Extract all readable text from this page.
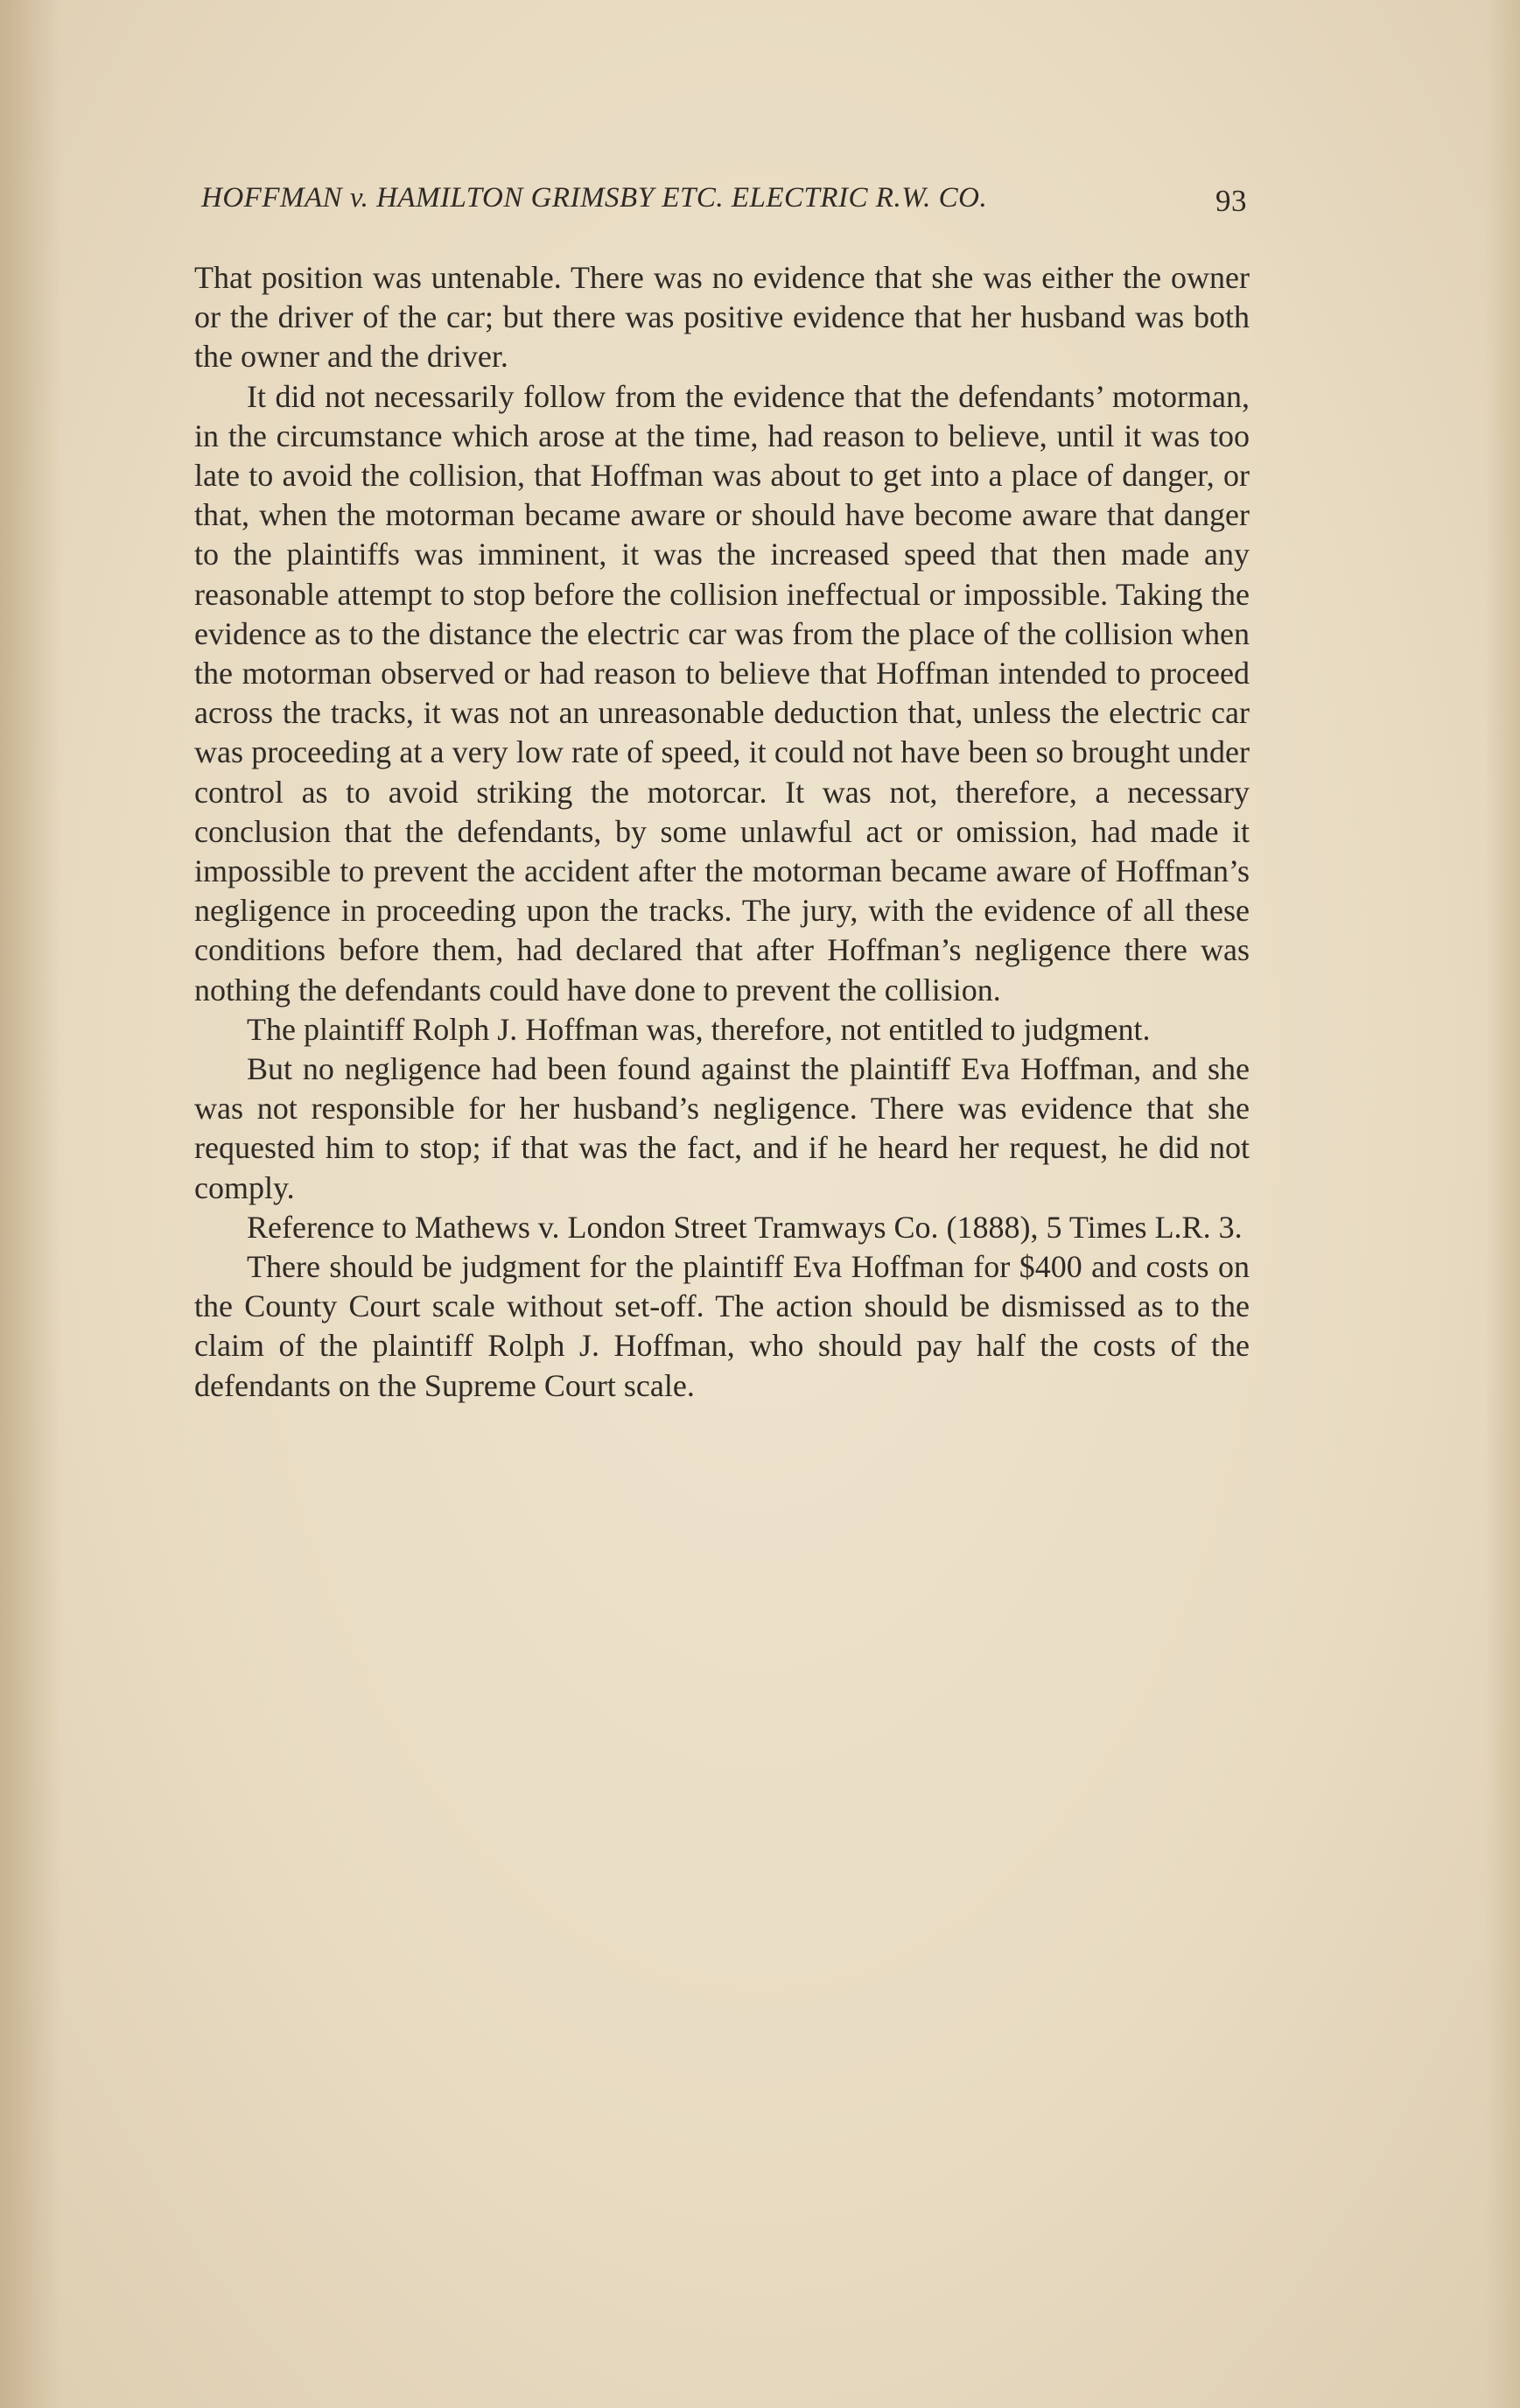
HOFFMAN v. HAMILTON GRIMSBY ETC. ELECTRIC R.W. CO.	93

That position was untenable. There was no evidence that she was either the owner or the driver of the car; but there was positive evidence that her husband was both the owner and the driver.

It did not necessarily follow from the evidence that the defendants’ motorman, in the circumstance which arose at the time, had reason to believe, until it was too late to avoid the collision, that Hoffman was about to get into a place of danger, or that, when the motorman became aware or should have become aware that danger to the plaintiffs was imminent, it was the increased speed that then made any reasonable attempt to stop before the collision ineffectual or impossible. Taking the evidence as to the distance the electric car was from the place of the collision when the motorman observed or had reason to believe that Hoffman intended to proceed across the tracks, it was not an unreasonable deduction that, unless the electric car was proceeding at a very low rate of speed, it could not have been so brought under control as to avoid striking the motorcar. It was not, therefore, a necessary conclusion that the defendants, by some unlawful act or omission, had made it impossible to prevent the accident after the motorman became aware of Hoffman’s negligence in proceeding upon the tracks. The jury, with the evidence of all these conditions before them, had declared that after Hoffman’s negligence there was nothing the defendants could have done to prevent the collision.

The plaintiff Rolph J. Hoffman was, therefore, not entitled to judgment.

But no negligence had been found against the plaintiff Eva Hoffman, and she was not responsible for her husband’s negligence. There was evidence that she requested him to stop; if that was the fact, and if he heard her request, he did not comply.

Reference to Mathews v. London Street Tramways Co. (1888), 5 Times L.R. 3.

There should be judgment for the plaintiff Eva Hoffman for $400 and costs on the County Court scale without set-off. The action should be dismissed as to the claim of the plaintiff Rolph J. Hoffman, who should pay half the costs of the defendants on the Supreme Court scale.
